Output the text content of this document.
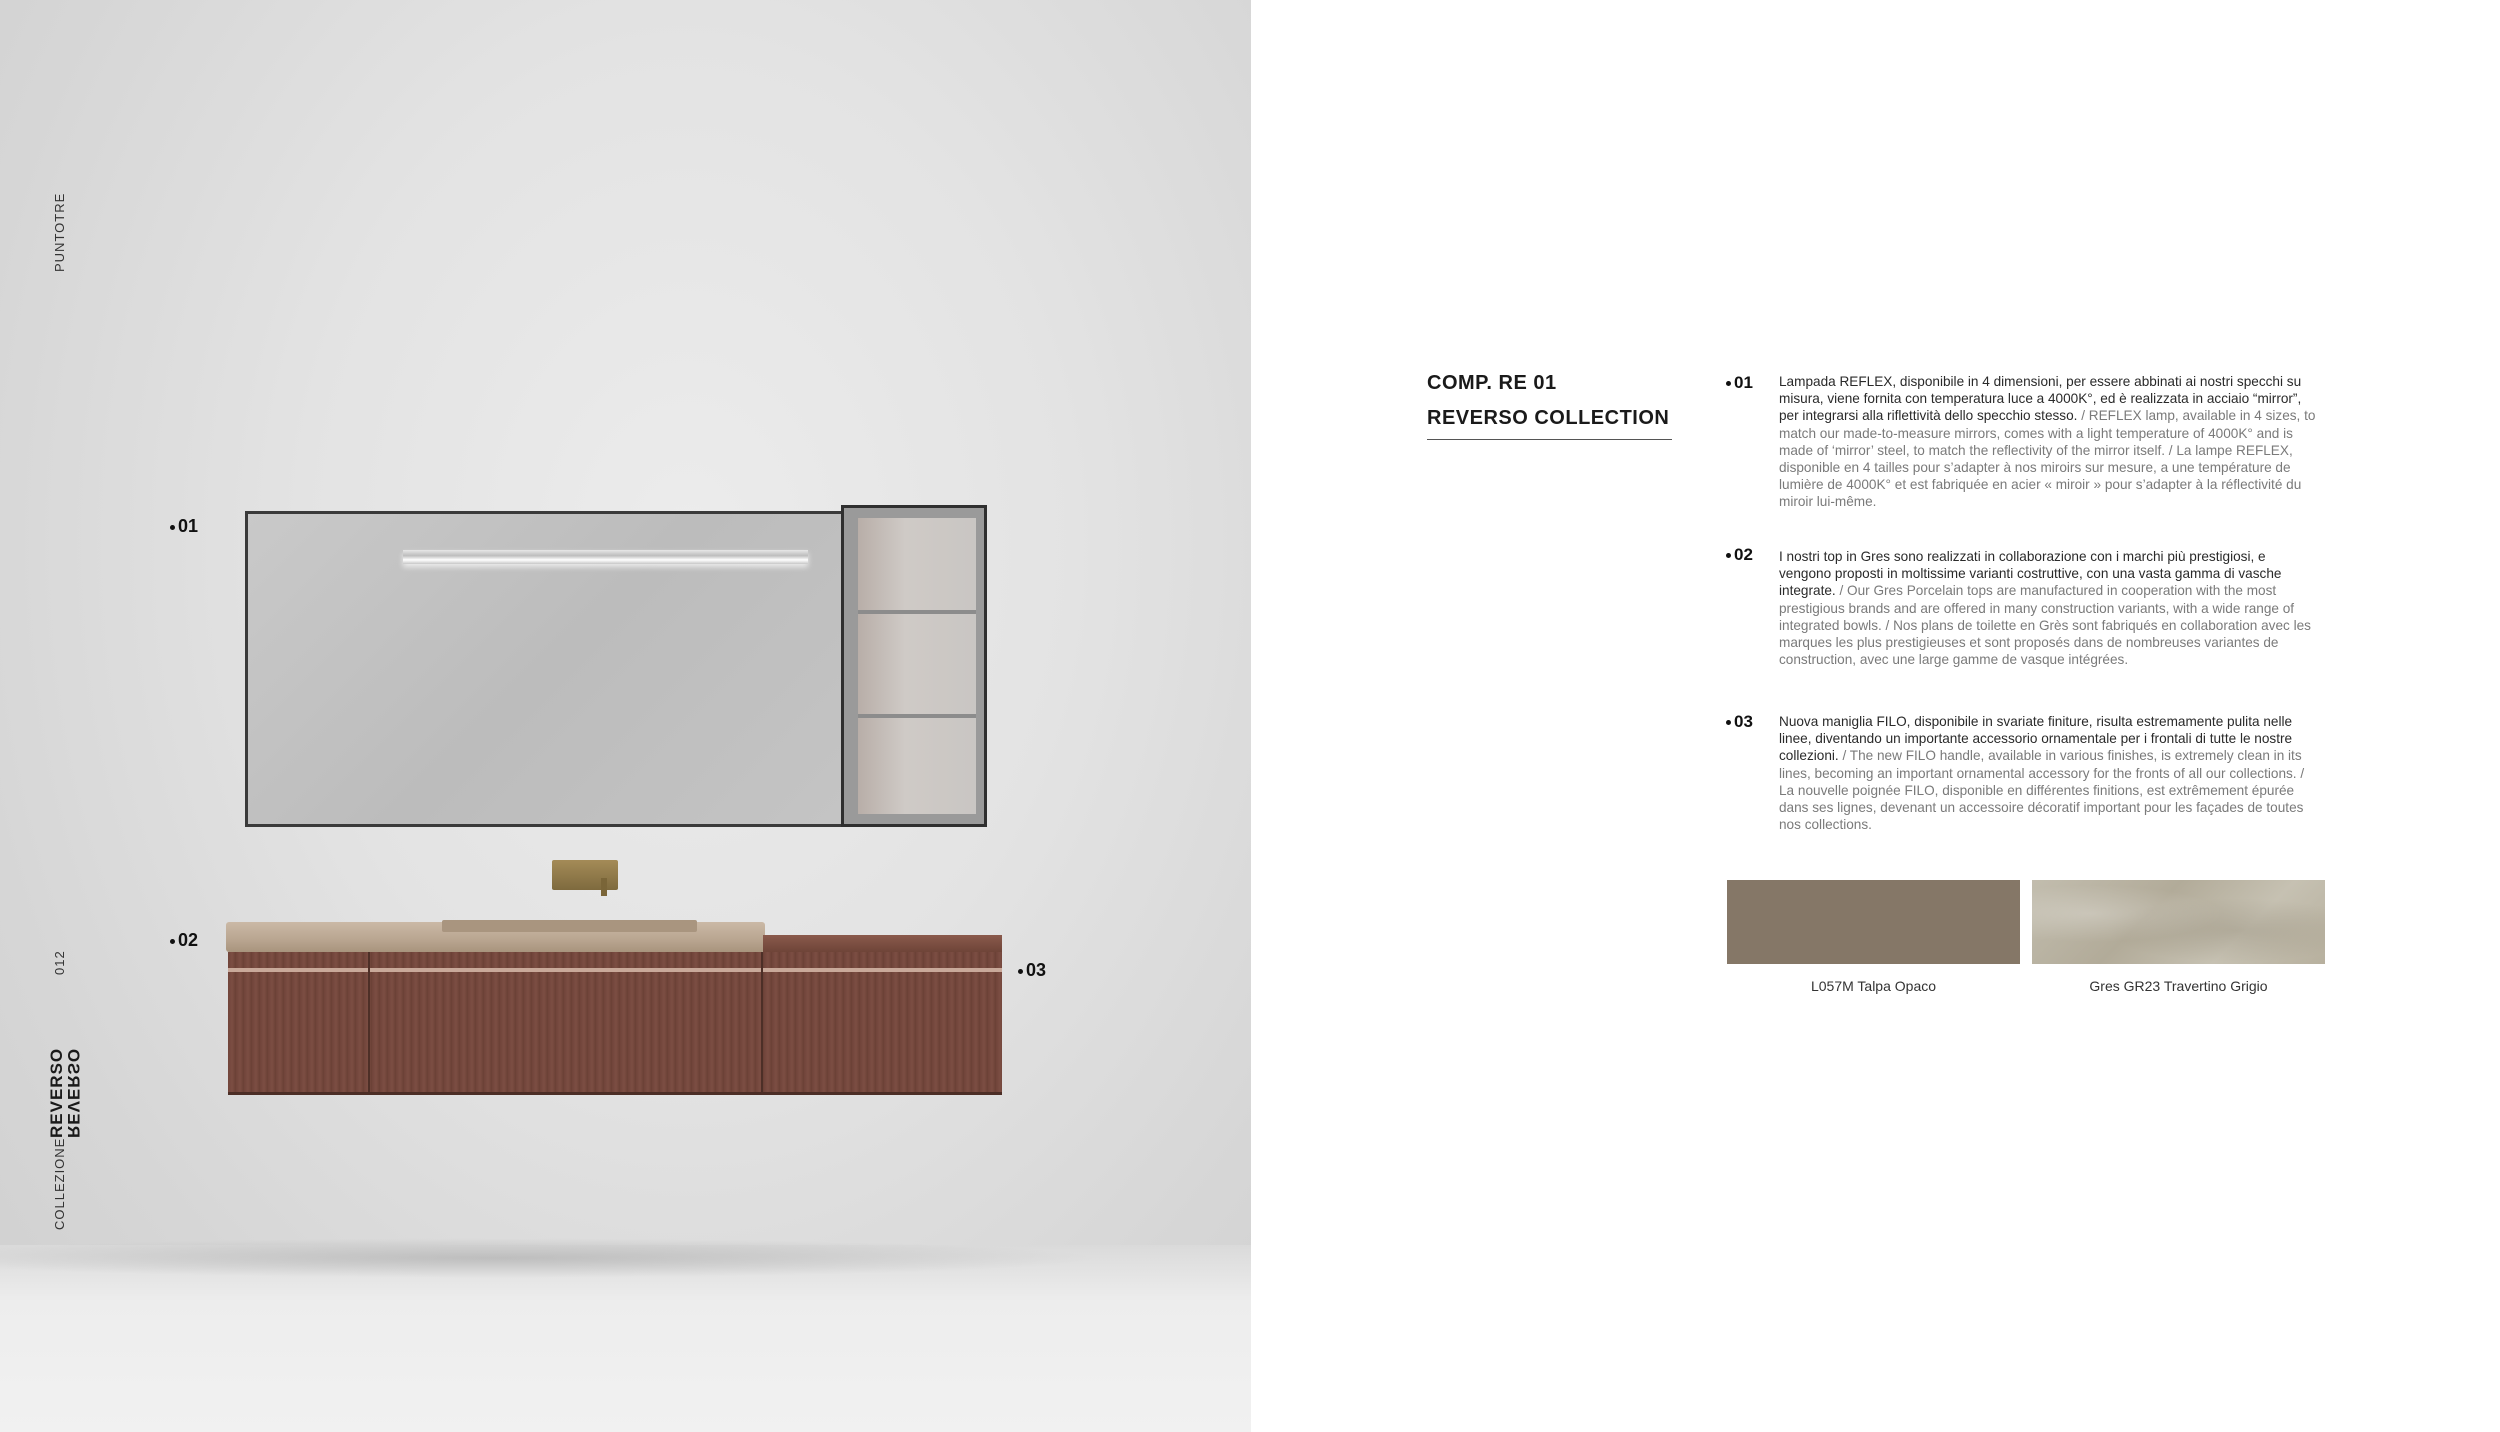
PUNTOTRE
012
COLLEZIONE
REVERSO
REVERSO
01
02
03
COMP. RE 01
REVERSO COLLECTION
01 Lampada REFLEX, disponibile in 4 dimensioni, per essere abbinati ai nostri specchi su misura, viene fornita con temperatura luce a 4000K°, ed è realizzata in acciaio “mirror”, per integrarsi alla riflettività dello specchio stesso. / REFLEX lamp, available in 4 sizes, to match our made-to-measure mirrors, comes with a light temperature of 4000K° and is made of ‘mirror’ steel, to match the reflectivity of the mirror itself. / La lampe REFLEX, disponible en 4 tailles pour s’adapter à nos miroirs sur mesure, a une température de lumière de 4000K° et est fabriquée en acier « miroir » pour s’adapter à la réflectivité du miroir lui-même.
02 I nostri top in Gres sono realizzati in collaborazione con i marchi più prestigiosi, e vengono proposti in moltissime varianti costruttive, con una vasta gamma di vasche integrate. / Our Gres Porcelain tops are manufactured in cooperation with the most prestigious brands and are offered in many construction variants, with a wide range of integrated bowls. / Nos plans de toilette en Grès sont fabriqués en collaboration avec les marques les plus prestigieuses et sont proposés dans de nombreuses variantes de construction, avec une large gamme de vasque intégrées.
03 Nuova maniglia FILO, disponibile in svariate finiture, risulta estremamente pulita nelle linee, diventando un importante accessorio ornamentale per i frontali di tutte le nostre collezioni. / The new FILO handle, available in various finishes, is extremely clean in its lines, becoming an important ornamental accessory for the fronts of all our collections. / La nouvelle poignée FILO, disponible en différentes finitions, est extrêmement épurée dans ses lignes, devenant un accessoire décoratif important pour les façades de toutes nos collections.
L057M Talpa Opaco	Gres GR23 Travertino Grigio
